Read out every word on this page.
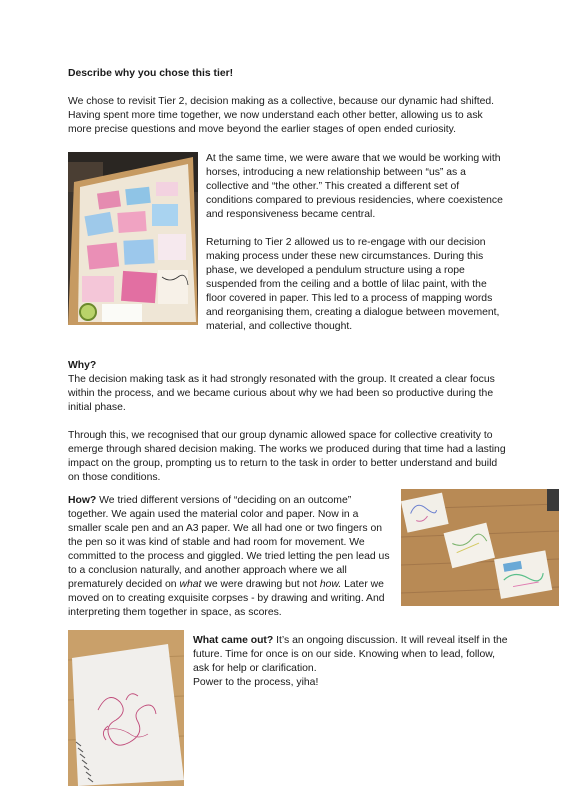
Describe why you chose this tier!

We chose to revisit Tier 2, decision making as a collective, because our dynamic had shifted. Having spent more time together, we now understand each other better, allowing us to ask more precise questions and move beyond the earlier stages of open ended curiosity.

At the same time, we were aware that we would be working with horses, introducing a new relationship between “us” as a collective and “the other.” This created a different set of conditions compared to previous residencies, where coexistence and responsiveness became central.

Returning to Tier 2 allowed us to re-engage with our decision making process under these new circumstances. During this phase, we developed a pendulum structure using a rope suspended from the ceiling and a bottle of lilac paint, with the floor covered in paper. This led to a process of mapping words and reorganising them, creating a dialogue between movement, material, and collective thought.

Why?

The decision making task as it had strongly resonated with the group. It created a clear focus within the process, and we became curious about why we had been so productive during the initial phase.

Through this, we recognised that our group dynamic allowed space for collective creativity to emerge through shared decision making. The works we produced during that time had a lasting impact on the group, prompting us to return to the task in order to better understand and build on those conditions.

How? We tried different versions of “deciding on an outcome” together. We again used the material color and paper. Now in a smaller scale pen and an A3 paper. We all had one or two fingers on the pen so it was kind of stable and had room for movement. We committed to the process and giggled. We tried letting the pen lead us to a conclusion naturally, and another approach where we all prematurely decided on what we were drawing but not how. Later we moved on to creating exquisite corpses - by drawing and writing. And interpreting them together in space, as scores.

What came out? It’s an ongoing discussion. It will reveal itself in the future. Time for once is on our side. Knowing when to lead, follow, ask for help or clarification.
Power to the process, yiha!
